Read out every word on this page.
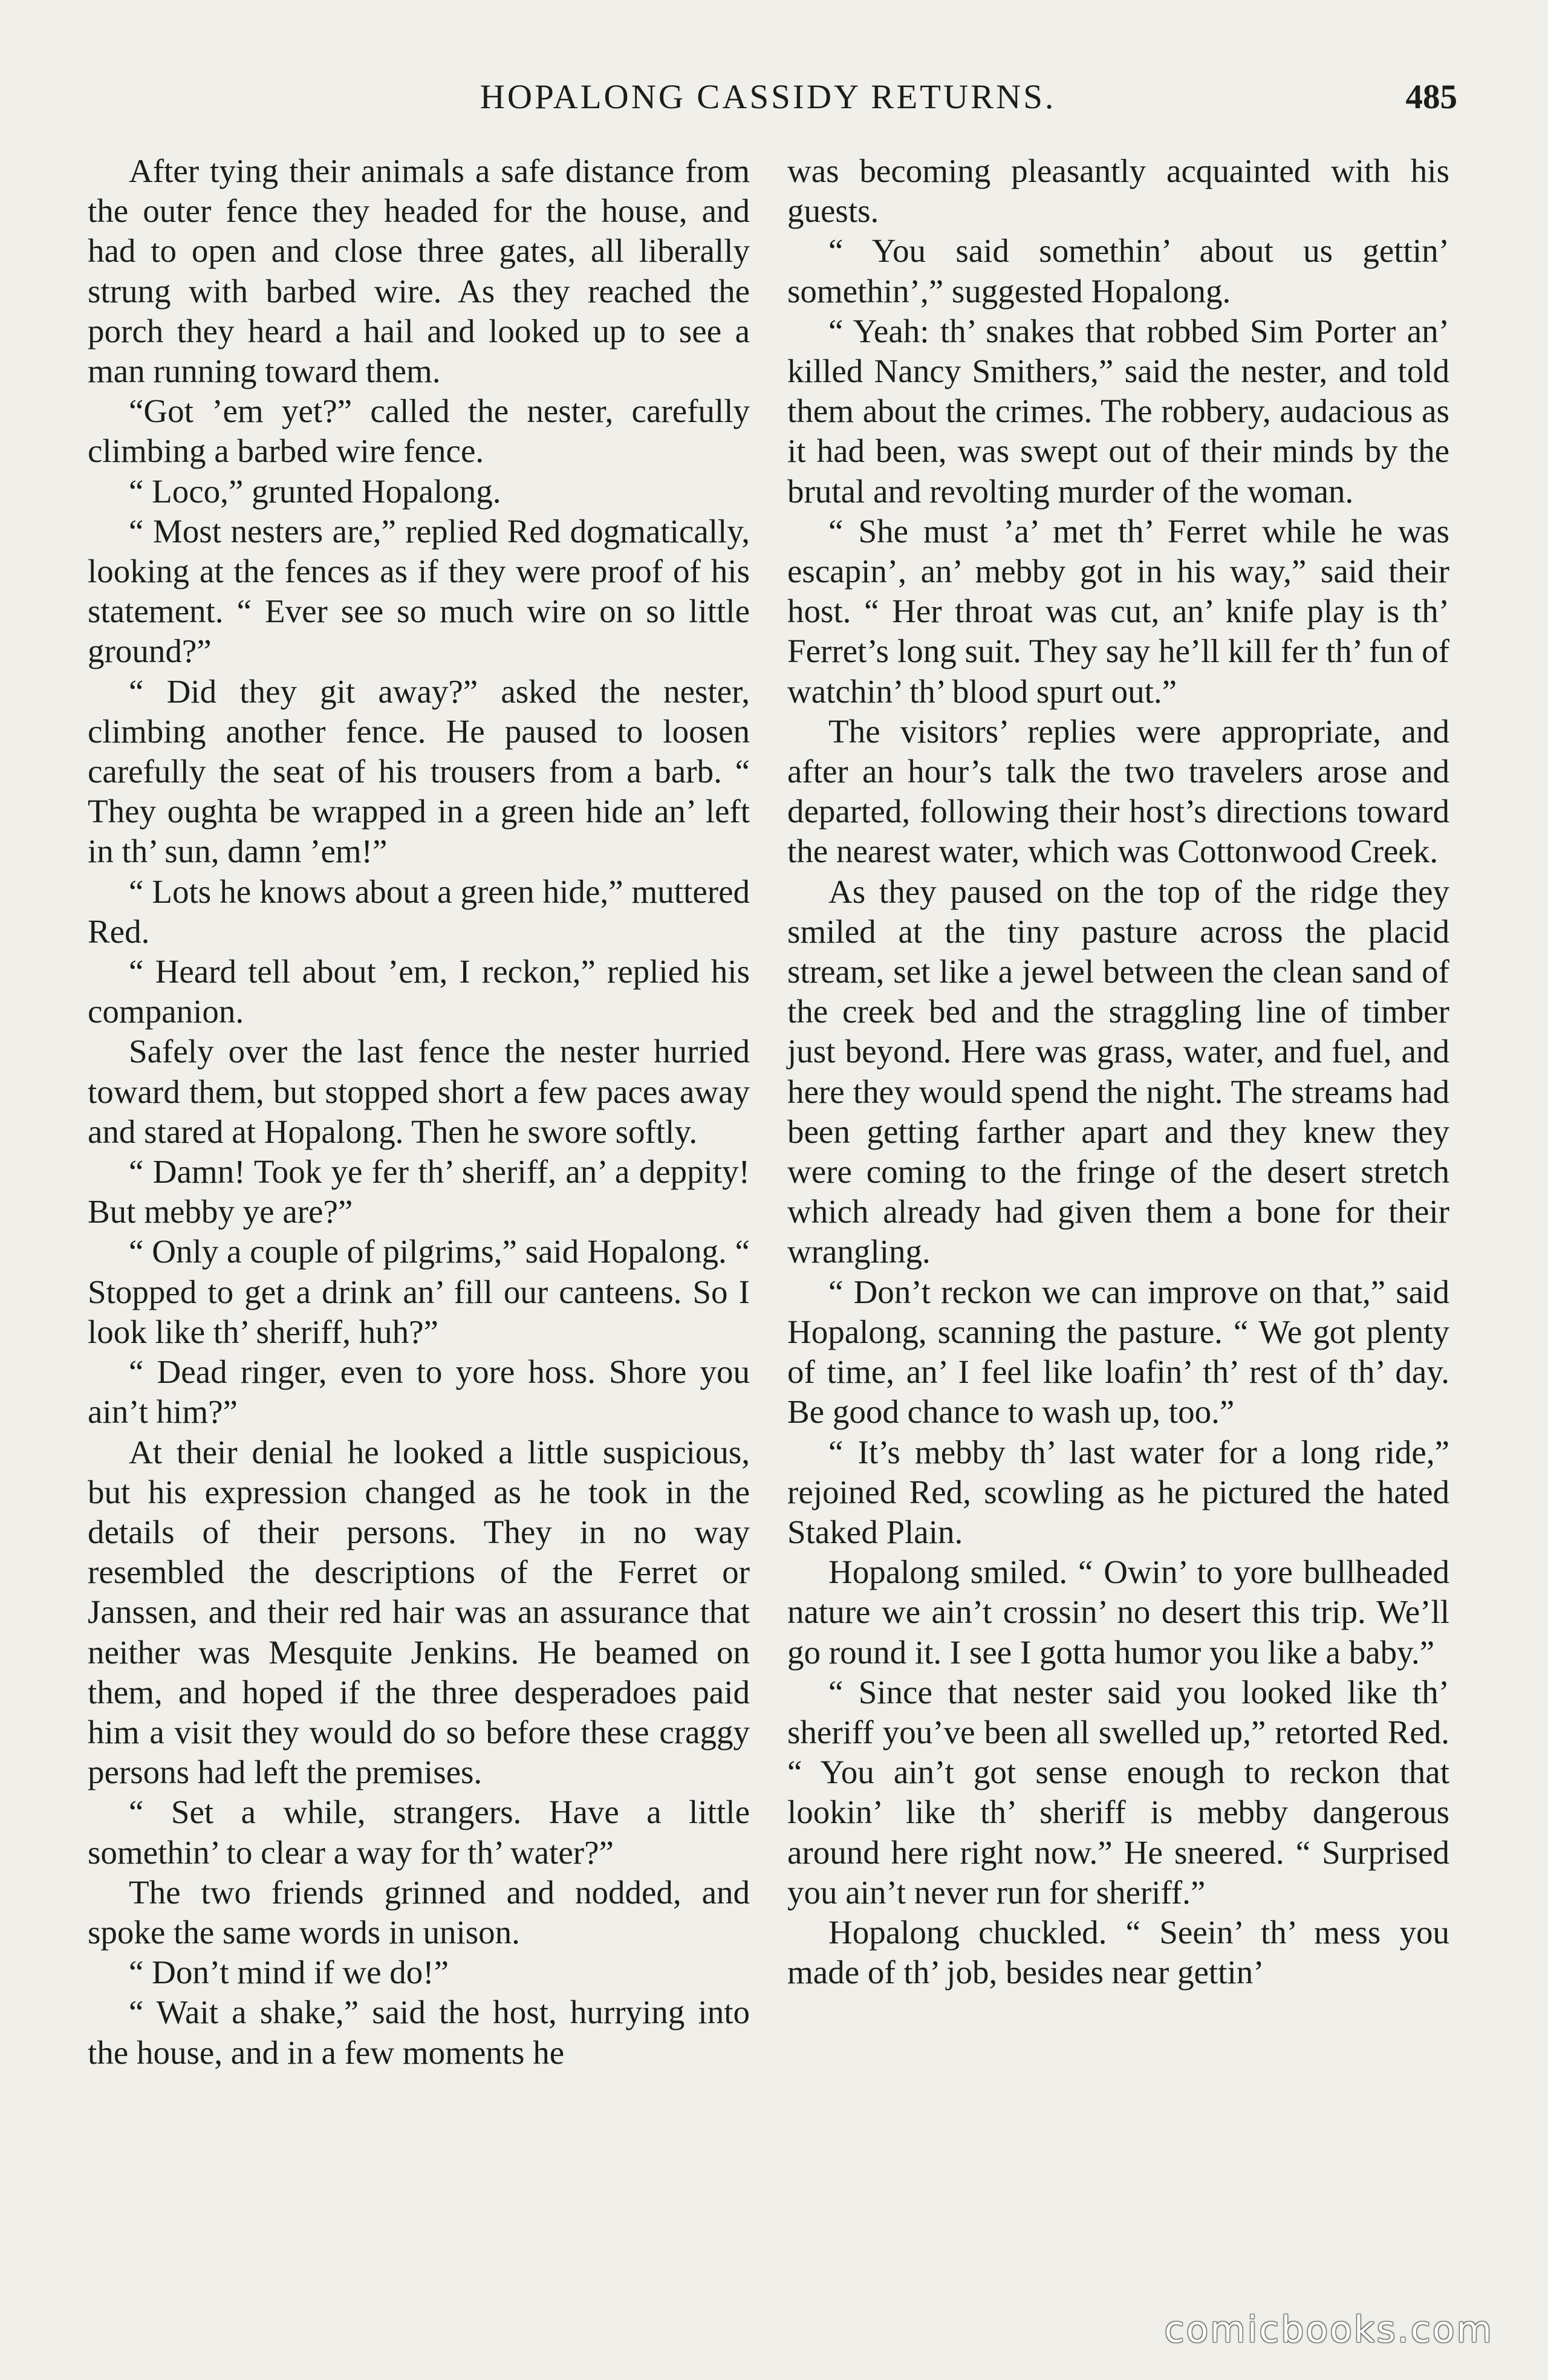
HOPALONG CASSIDY RETURNS.	485

After tying their animals a safe distance from the outer fence they headed for the house, and had to open and close three gates, all liberally strung with barbed wire. As they reached the porch they heard a hail and looked up to see a man running toward them.

“Got ’em yet?” called the nester, carefully climbing a barbed wire fence.

“ Loco,” grunted Hopalong.

“ Most nesters are,” replied Red dogmatically, looking at the fences as if they were proof of his statement. “ Ever see so much wire on so little ground?”

“ Did they git away?” asked the nester, climbing another fence. He paused to loosen carefully the seat of his trousers from a barb. “ They oughta be wrapped in a green hide an’ left in th’ sun, damn ’em!”

“ Lots he knows about a green hide,” muttered Red.

“ Heard tell about ’em, I reckon,” replied his companion.

Safely over the last fence the nester hurried toward them, but stopped short a few paces away and stared at Hopalong. Then he swore softly.

“ Damn! Took ye fer th’ sheriff, an’ a deppity! But mebby ye are?”

“ Only a couple of pilgrims,” said Hopalong. “ Stopped to get a drink an’ fill our canteens. So I look like th’ sheriff, huh?”

“ Dead ringer, even to yore hoss. Shore you ain’t him?”

At their denial he looked a little suspicious, but his expression changed as he took in the details of their persons. They in no way resembled the descriptions of the Ferret or Janssen, and their red hair was an assurance that neither was Mesquite Jenkins. He beamed on them, and hoped if the three desperadoes paid him a visit they would do so before these craggy persons had left the premises.

“ Set a while, strangers. Have a little somethin’ to clear a way for th’ water?”

The two friends grinned and nodded, and spoke the same words in unison.

“ Don’t mind if we do!”

“ Wait a shake,” said the host, hurrying into the house, and in a few moments he

was becoming pleasantly acquainted with his guests.

“ You said somethin’ about us gettin’ somethin’,” suggested Hopalong.

“ Yeah: th’ snakes that robbed Sim Porter an’ killed Nancy Smithers,” said the nester, and told them about the crimes. The robbery, audacious as it had been, was swept out of their minds by the brutal and revolting murder of the woman.

“ She must ’a’ met th’ Ferret while he was escapin’, an’ mebby got in his way,” said their host. “ Her throat was cut, an’ knife play is th’ Ferret’s long suit. They say he’ll kill fer th’ fun of watchin’ th’ blood spurt out.”

The visitors’ replies were appropriate, and after an hour’s talk the two travelers arose and departed, following their host’s directions toward the nearest water, which was Cottonwood Creek.

As they paused on the top of the ridge they smiled at the tiny pasture across the placid stream, set like a jewel between the clean sand of the creek bed and the straggling line of timber just beyond. Here was grass, water, and fuel, and here they would spend the night. The streams had been getting farther apart and they knew they were coming to the fringe of the desert stretch which already had given them a bone for their wrangling.

“ Don’t reckon we can improve on that,” said Hopalong, scanning the pasture. “ We got plenty of time, an’ I feel like loafin’ th’ rest of th’ day. Be good chance to wash up, too.”

“ It’s mebby th’ last water for a long ride,” rejoined Red, scowling as he pictured the hated Staked Plain.

Hopalong smiled. “ Owin’ to yore bullheaded nature we ain’t crossin’ no desert this trip. We’ll go round it. I see I gotta humor you like a baby.”

“ Since that nester said you looked like th’ sheriff you’ve been all swelled up,” retorted Red. “ You ain’t got sense enough to reckon that lookin’ like th’ sheriff is mebby dangerous around here right now.” He sneered. “ Surprised you ain’t never run for sheriff.”

Hopalong chuckled. “ Seein’ th’ mess you made of th’ job, besides near gettin’

comicbooks.com
